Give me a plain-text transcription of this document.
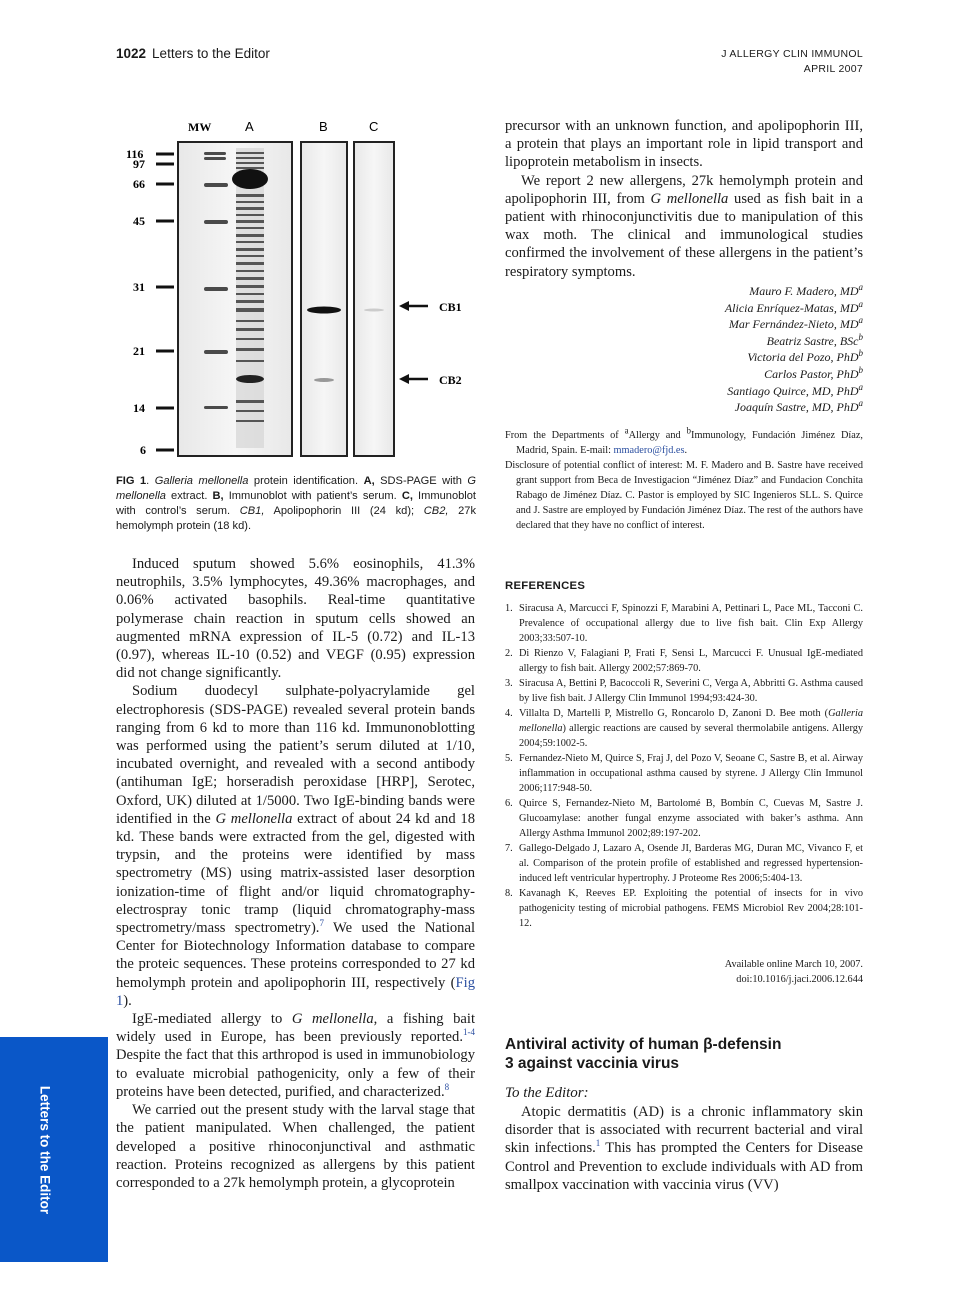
1022 Letters to the Editor	J ALLERGY CLIN IMMUNOL
APRIL 2007
MW	A	B	C
116
97
66
45
31
21
14
6
CB1
CB2
FIG 1. Galleria mellonella protein identification. A, SDS-PAGE with G mellonella extract. B, Immunoblot with patient’s serum. C, Immunoblot with control’s serum. CB1, Apolipophorin III (24 kd); CB2, 27k hemolymph protein (18 kd).

Induced sputum showed 5.6% eosinophils, 41.3% neutrophils, 3.5% lymphocytes, 49.36% macrophages, and 0.06% activated basophils. Real-time quantitative polymerase chain reaction in sputum cells showed an augmented mRNA expression of IL-5 (0.72) and IL-13 (0.97), whereas IL-10 (0.52) and VEGF (0.95) expression did not change significantly.

Sodium duodecyl sulphate-polyacrylamide gel electrophoresis (SDS-PAGE) revealed several protein bands ranging from 6 kd to more than 116 kd. Immunonoblotting was performed using the patient’s serum diluted at 1/10, incubated overnight, and revealed with a second antibody (antihuman IgE; horseradish peroxidase [HRP], Serotec, Oxford, UK) diluted at 1/5000. Two IgE-binding bands were identified in the G mellonella extract of about 24 kd and 18 kd. These bands were extracted from the gel, digested with trypsin, and the proteins were identified by mass spectrometry (MS) using matrix-assisted laser desorption ionization-time of flight and/or liquid chromatography-electrospray tonic tramp (liquid chromatography-mass spectrometry/mass spectrometry).$^7$ We used the National Center for Biotechnology Information database to compare the proteic sequences. These proteins corresponded to 27 kd hemolymph protein and apolipophorin III, respectively (Fig 1).

IgE-mediated allergy to G mellonella, a fishing bait widely used in Europe, has been previously reported.$^{1-4}$ Despite the fact that this arthropod is used in immunobiology to evaluate microbial pathogenicity, only a few of their proteins have been detected, purified, and characterized.$^8$

We carried out the present study with the larval stage that the patient manipulated. When challenged, the patient developed a positive rhinoconjunctival and asthmatic reaction. Proteins recognized as allergens by this patient corresponded to a 27k hemolymph protein, a glycoprotein

precursor with an unknown function, and apolipophorin III, a protein that plays an important role in lipid transport and lipoprotein metabolism in insects.

We report 2 new allergens, 27k hemolymph protein and apolipophorin III, from G mellonella used as fish bait in a patient with rhinoconjunctivitis due to manipulation of this wax moth. The clinical and immunological studies confirmed the involvement of these allergens in the patient’s respiratory symptoms.

Mauro F. Madero, $MD^a$
Alicia Enríquez-Matas, $MD^a$
Mar Fernández-Nieto, $MD^a$
Beatriz Sastre, BSc$^b$
Victoria del Pozo, PhD$^b$
Carlos Pastor, PhD$^b$
Santiago Quirce, MD, PhD$^a$
Joaquín Sastre, MD, PhD$^a$

From the Departments of $^a$Allergy and $^b$Immunology, Fundación Jiménez Díaz, Madrid, Spain. E-mail: mmadero@fjd.es.

Disclosure of potential conflict of interest: M. F. Madero and B. Sastre have received grant support from Beca de Investigacion “Jiménez Díaz” and Fundacion Conchita Rabago de Jiménez Díaz. C. Pastor is employed by SIC Ingenieros SLL. S. Quirce and J. Sastre are employed by Fundación Jiménez Díaz. The rest of the authors have declared that they have no conflict of interest.

REFERENCES
1. Siracusa A, Marcucci F, Spinozzi F, Marabini A, Pettinari L, Pace ML, Tacconi C. Prevalence of occupational allergy due to live fish bait. Clin Exp Allergy 2003;33:507-10.
2. Di Rienzo V, Falagiani P, Frati F, Sensi L, Marcucci F. Unusual IgE-mediated allergy to fish bait. Allergy 2002;57:869-70.
3. Siracusa A, Bettini P, Bacoccoli R, Severini C, Verga A, Abbritti G. Asthma caused by live fish bait. J Allergy Clin Immunol 1994;93:424-30.
4. Villalta D, Martelli P, Mistrello G, Roncarolo D, Zanoni D. Bee moth (Galleria mellonella) allergic reactions are caused by several thermolabile antigens. Allergy 2004;59:1002-5.
5. Fernandez-Nieto M, Quirce S, Fraj J, del Pozo V, Seoane C, Sastre B, et al. Airway inflammation in occupational asthma caused by styrene. J Allergy Clin Immunol 2006;117:948-50.
6. Quirce S, Fernandez-Nieto M, Bartolomé B, Bombín C, Cuevas M, Sastre J. Glucoamylase: another fungal enzyme associated with baker’s asthma. Ann Allergy Asthma Immunol 2002;89:197-202.
7. Gallego-Delgado J, Lazaro A, Osende JI, Barderas MG, Duran MC, Vivanco F, et al. Comparison of the protein profile of established and regressed hypertension- induced left ventricular hypertrophy. J Proteome Res 2006;5:404-13.
8. Kavanagh K, Reeves EP. Exploiting the potential of insects for in vivo pathogenicity testing of microbial pathogens. FEMS Microbiol Rev 2004;28:101-12.
Available online March 10, 2007.
doi:10.1016/j.jaci.2006.12.644
Antiviral activity of human β-defensin
3 against vaccinia virus
To the Editor:

Atopic dermatitis (AD) is a chronic inflammatory skin disorder that is associated with recurrent bacterial and viral skin infections.$^1$ This has prompted the Centers for Disease Control and Prevention to exclude individuals with AD from smallpox vaccination with vaccinia virus (VV)

Letters to the Editor
